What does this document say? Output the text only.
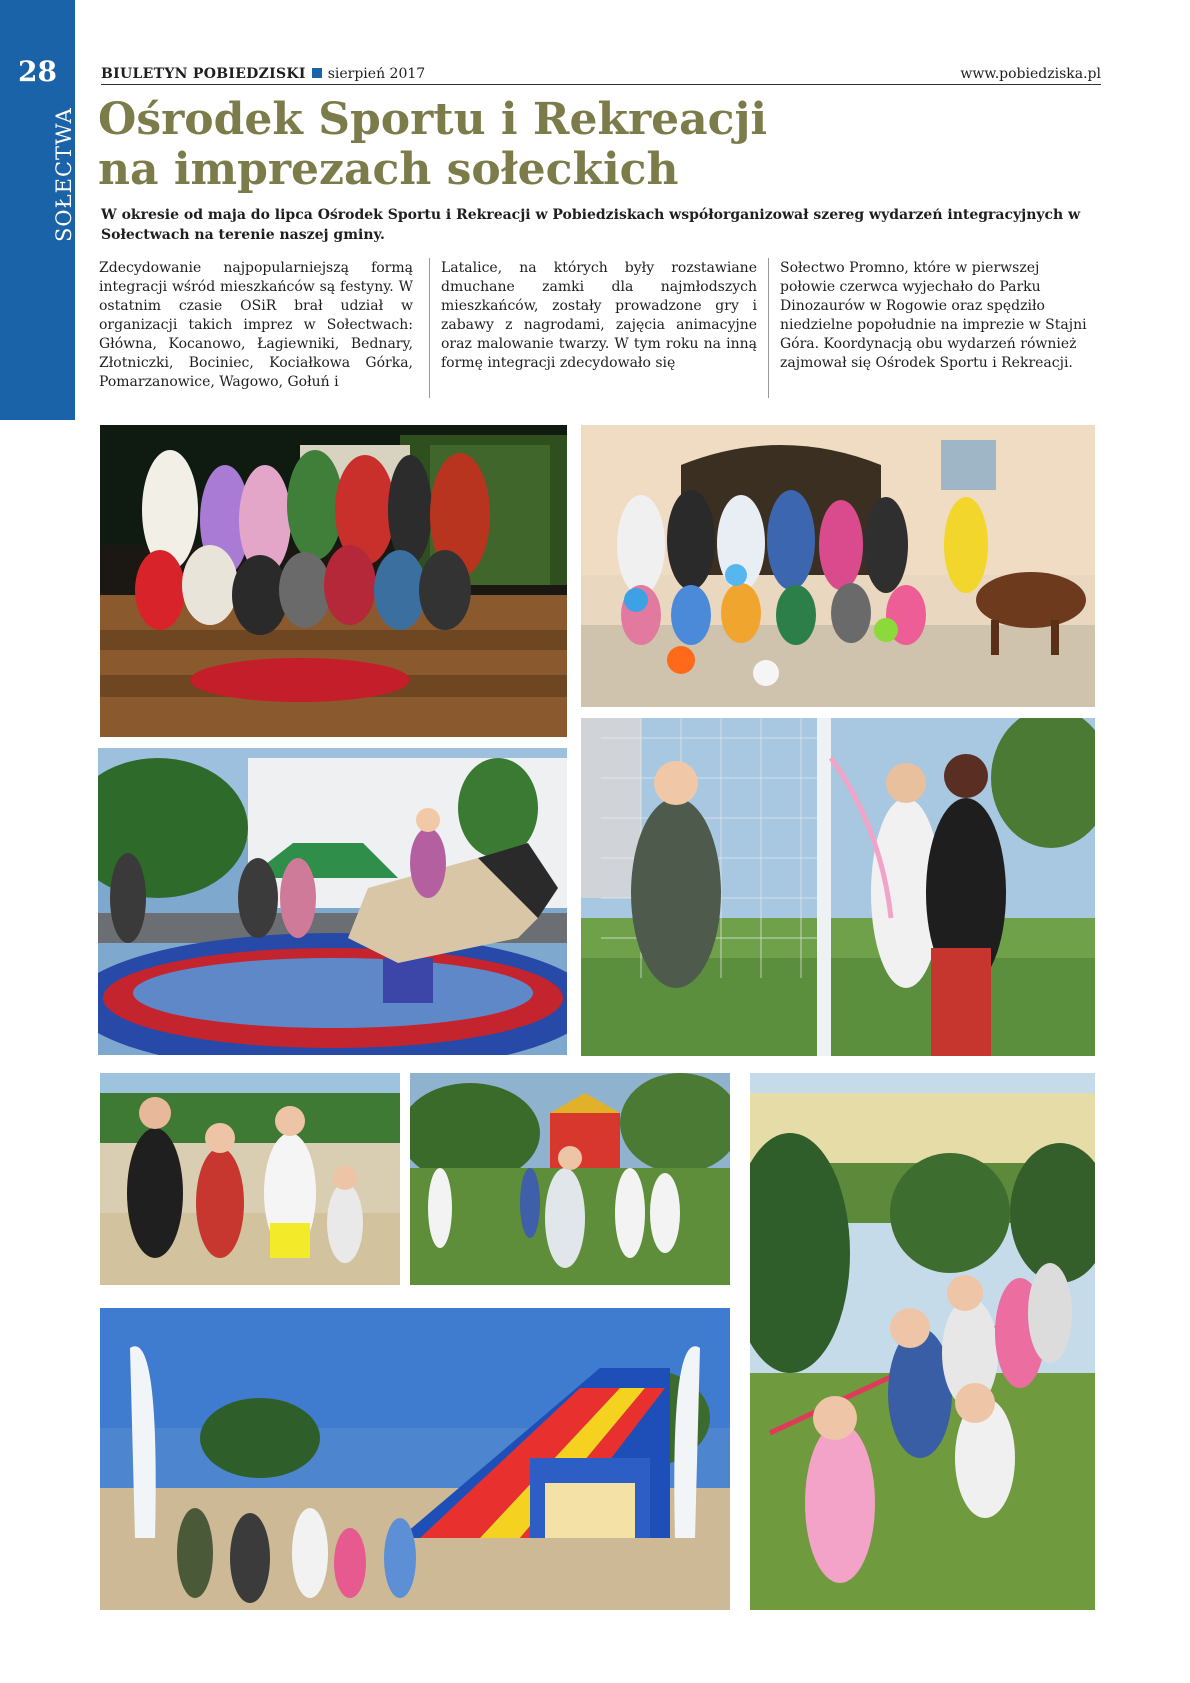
28
SOŁECTWA
BIULETYN POBIEDZISKI sierpień 2017	www.pobiedziska.pl
Ośrodek Sportu i Rekreacji
na imprezach sołeckich

W okresie od maja do lipca Ośrodek Sportu i Rekreacji w Pobiedziskach współorganizował szereg wydarzeń integracyjnych w Sołectwach na terenie naszej gminy.

Zdecydowanie najpopularniejszą formą integracji wśród mieszkańców są festyny. W ostatnim czasie OSiR brał udział w organizacji takich imprez w Sołectwach: Główna, Kocanowo, Łagiewniki, Bednary, Złotniczki, Bociniec, Kociałkowa Górka, Pomarzanowice, Wagowo, Gołuń i

Latalice, na których były rozstawiane dmuchane zamki dla najmłodszych mieszkańców, zostały prowadzone gry i zabawy z nagrodami, zajęcia animacyjne oraz malowanie twarzy. W tym roku na inną formę integracji zdecydowało się

Sołectwo Promno, które w pierwszej połowie czerwca wyjechało do Parku Dinozaurów w Rogowie oraz spędziło niedzielne popołudnie na imprezie w Stajni Góra. Koordynacją obu wydarzeń również zajmował się Ośrodek Sportu i Rekreacji.
